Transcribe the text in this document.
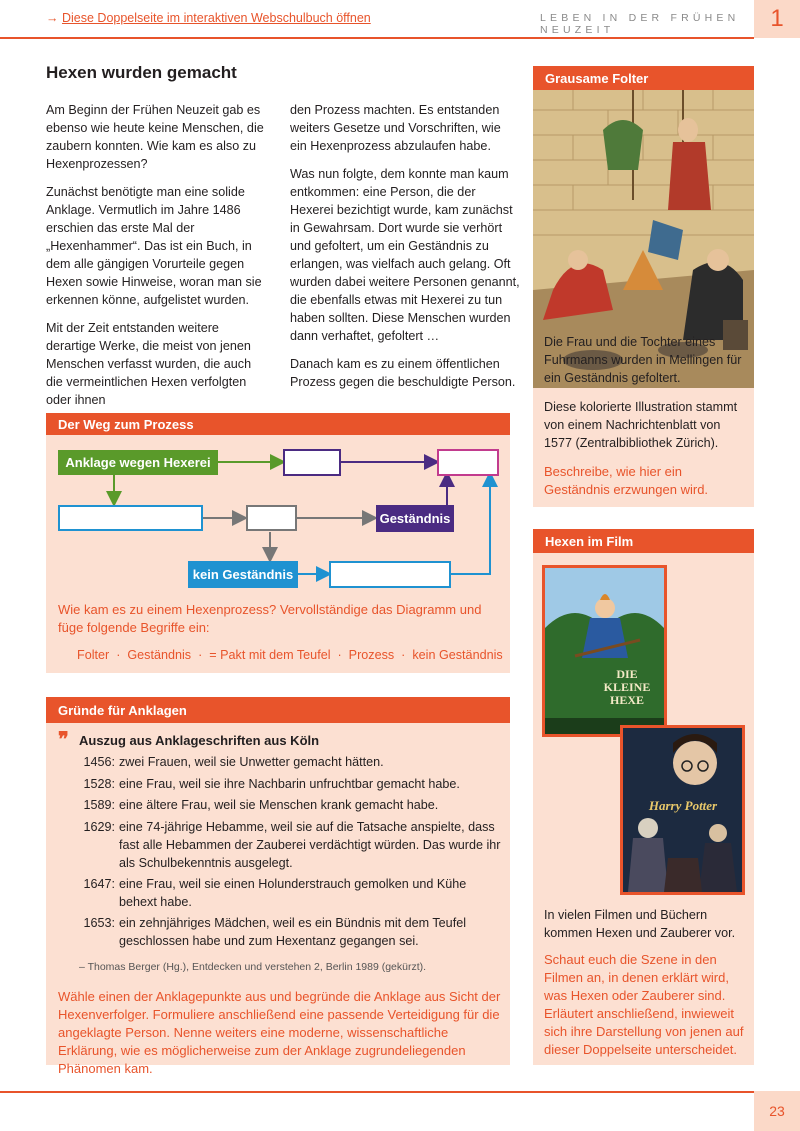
→ Diese Doppelseite im interaktiven Webschulbuch öffnen	LEBEN IN DER FRÜHEN NEUZEIT	1
Hexen wurden gemacht

Am Beginn der Frühen Neuzeit gab es ebenso wie heute keine Menschen, die zaubern konnten. Wie kam es also zu Hexenprozessen?

Zunächst benötigte man eine solide Anklage. Vermutlich im Jahre 1486 erschien das erste Mal der „Hexenhammer“. Das ist ein Buch, in dem alle gängigen Vorurteile gegen Hexen sowie Hinweise, woran man sie erkennen könne, aufgelistet wurden.

Mit der Zeit entstanden weitere derartige Werke, die meist von jenen Menschen verfasst wurden, die auch die vermeintlichen Hexen verfolgten oder ihnen

den Prozess machten. Es entstanden weiters Gesetze und Vorschriften, wie ein Hexenprozess abzulaufen habe.

Was nun folgte, dem konnte man kaum entkommen: eine Person, die der Hexerei bezichtigt wurde, kam zunächst in Gewahrsam. Dort wurde sie verhört und gefoltert, um ein Geständnis zu erlangen, was vielfach auch gelang. Oft wurden dabei weitere Personen genannt, die ebenfalls etwas mit Hexerei zu tun haben sollten. Diese Menschen wurden dann verhaftet, gefoltert …

Danach kam es zu einem öffentlichen Prozess gegen die beschuldigte Person.

Der Weg zum Prozess
Anklage wegen Hexerei
Geständnis
kein Geständnis
Wie kam es zu einem Hexenprozess? Vervollständige das Diagramm und füge folgende Begriffe ein:
Folter  ·  Geständnis  ·  = Pakt mit dem Teufel  ·  Prozess  ·  kein Geständnis
Gründe für Anklagen
❞ Auszug aus Anklageschriften aus Köln
1456: zwei Frauen, weil sie Unwetter gemacht hätten.
1528: eine Frau, weil sie ihre Nachbarin unfruchtbar gemacht habe.
1589: eine ältere Frau, weil sie Menschen krank gemacht habe.
1629: eine 74-jährige Hebamme, weil sie auf die Tatsache anspielte, dass fast alle Hebammen der Zauberei verdächtigt würden. Das wurde ihr als Schulbekenntnis ausgelegt.
1647: eine Frau, weil sie einen Holunderstrauch gemolken und Kühe behext habe.
1653: ein zehnjähriges Mädchen, weil es ein Bündnis mit dem Teufel geschlossen habe und zum Hexentanz gegangen sei.
– Thomas Berger (Hg.), Entdecken und verstehen 2, Berlin 1989 (gekürzt).
Wähle einen der Anklagepunkte aus und begründe die Anklage aus Sicht der Hexenverfolger. Formuliere anschließend eine passende Verteidigung für die angeklagte Person. Nenne weiters eine moderne, wissenschaftliche Erklärung, wie es möglicherweise zum der Anklage zugrundeliegenden Phänomen kam.
Grausame Folter
Die Frau und die Tochter eines Fuhrmanns wurden in Mellingen für ein Geständnis gefoltert.
Diese kolorierte Illustration stammt von einem Nachrichtenblatt von 1577 (Zentralbibliothek Zürich).
Beschreibe, wie hier ein Geständnis erzwungen wird.
Hexen im Film
DIE KLEINE HEXE
Harry Potter
In vielen Filmen und Büchern kommen Hexen und Zauberer vor.
Schaut euch die Szene in den Filmen an, in denen erklärt wird, was Hexen oder Zauberer sind. Erläutert anschließend, inwieweit sich ihre Darstellung von jenen auf dieser Doppelseite unterscheidet.
23
